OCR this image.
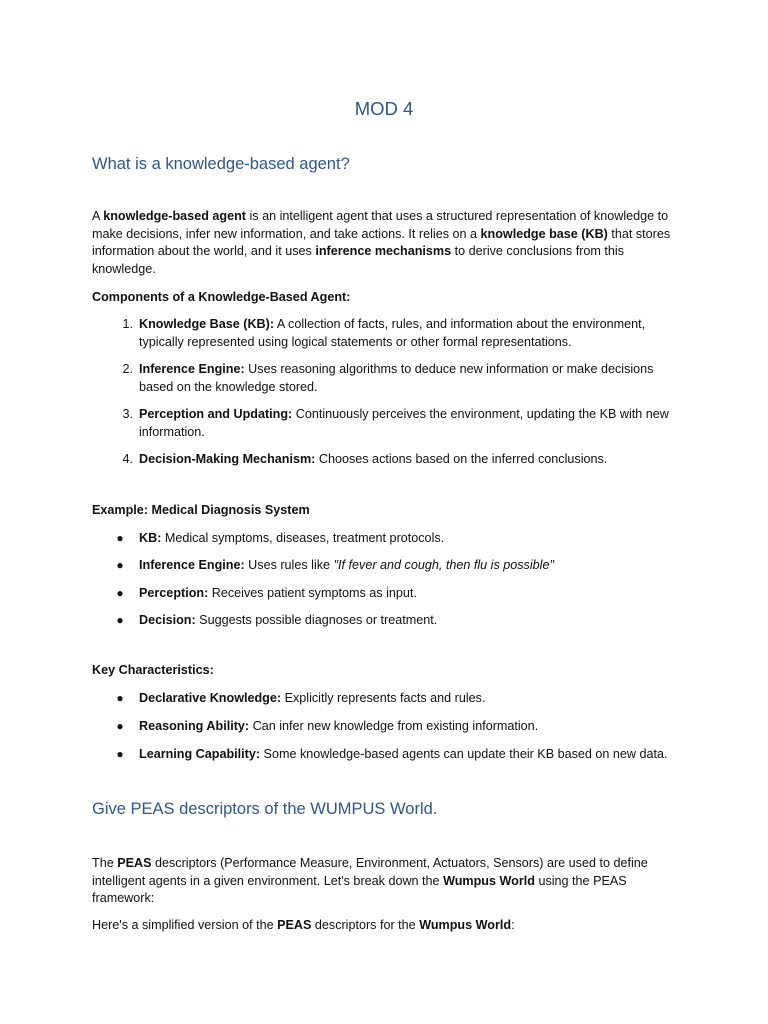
MOD 4
What is a knowledge-based agent?

A knowledge-based agent is an intelligent agent that uses a structured representation of knowledge to make decisions, infer new information, and take actions. It relies on a knowledge base (KB) that stores information about the world, and it uses inference mechanisms to derive conclusions from this knowledge.

Components of a Knowledge-Based Agent:

1. Knowledge Base (KB): A collection of facts, rules, and information about the environment, typically represented using logical statements or other formal representations.

2. Inference Engine: Uses reasoning algorithms to deduce new information or make decisions based on the knowledge stored.

3. Perception and Updating: Continuously perceives the environment, updating the KB with new information.

4. Decision-Making Mechanism: Chooses actions based on the inferred conclusions.

Example: Medical Diagnosis System

● KB: Medical symptoms, diseases, treatment protocols.

● Inference Engine: Uses rules like "If fever and cough, then flu is possible"

● Perception: Receives patient symptoms as input.

● Decision: Suggests possible diagnoses or treatment.

Key Characteristics:

● Declarative Knowledge: Explicitly represents facts and rules.

● Reasoning Ability: Can infer new knowledge from existing information.

● Learning Capability: Some knowledge-based agents can update their KB based on new data.

Give PEAS descriptors of the WUMPUS World.

The PEAS descriptors (Performance Measure, Environment, Actuators, Sensors) are used to define intelligent agents in a given environment. Let's break down the Wumpus World using the PEAS framework:

Here's a simplified version of the PEAS descriptors for the Wumpus World:
